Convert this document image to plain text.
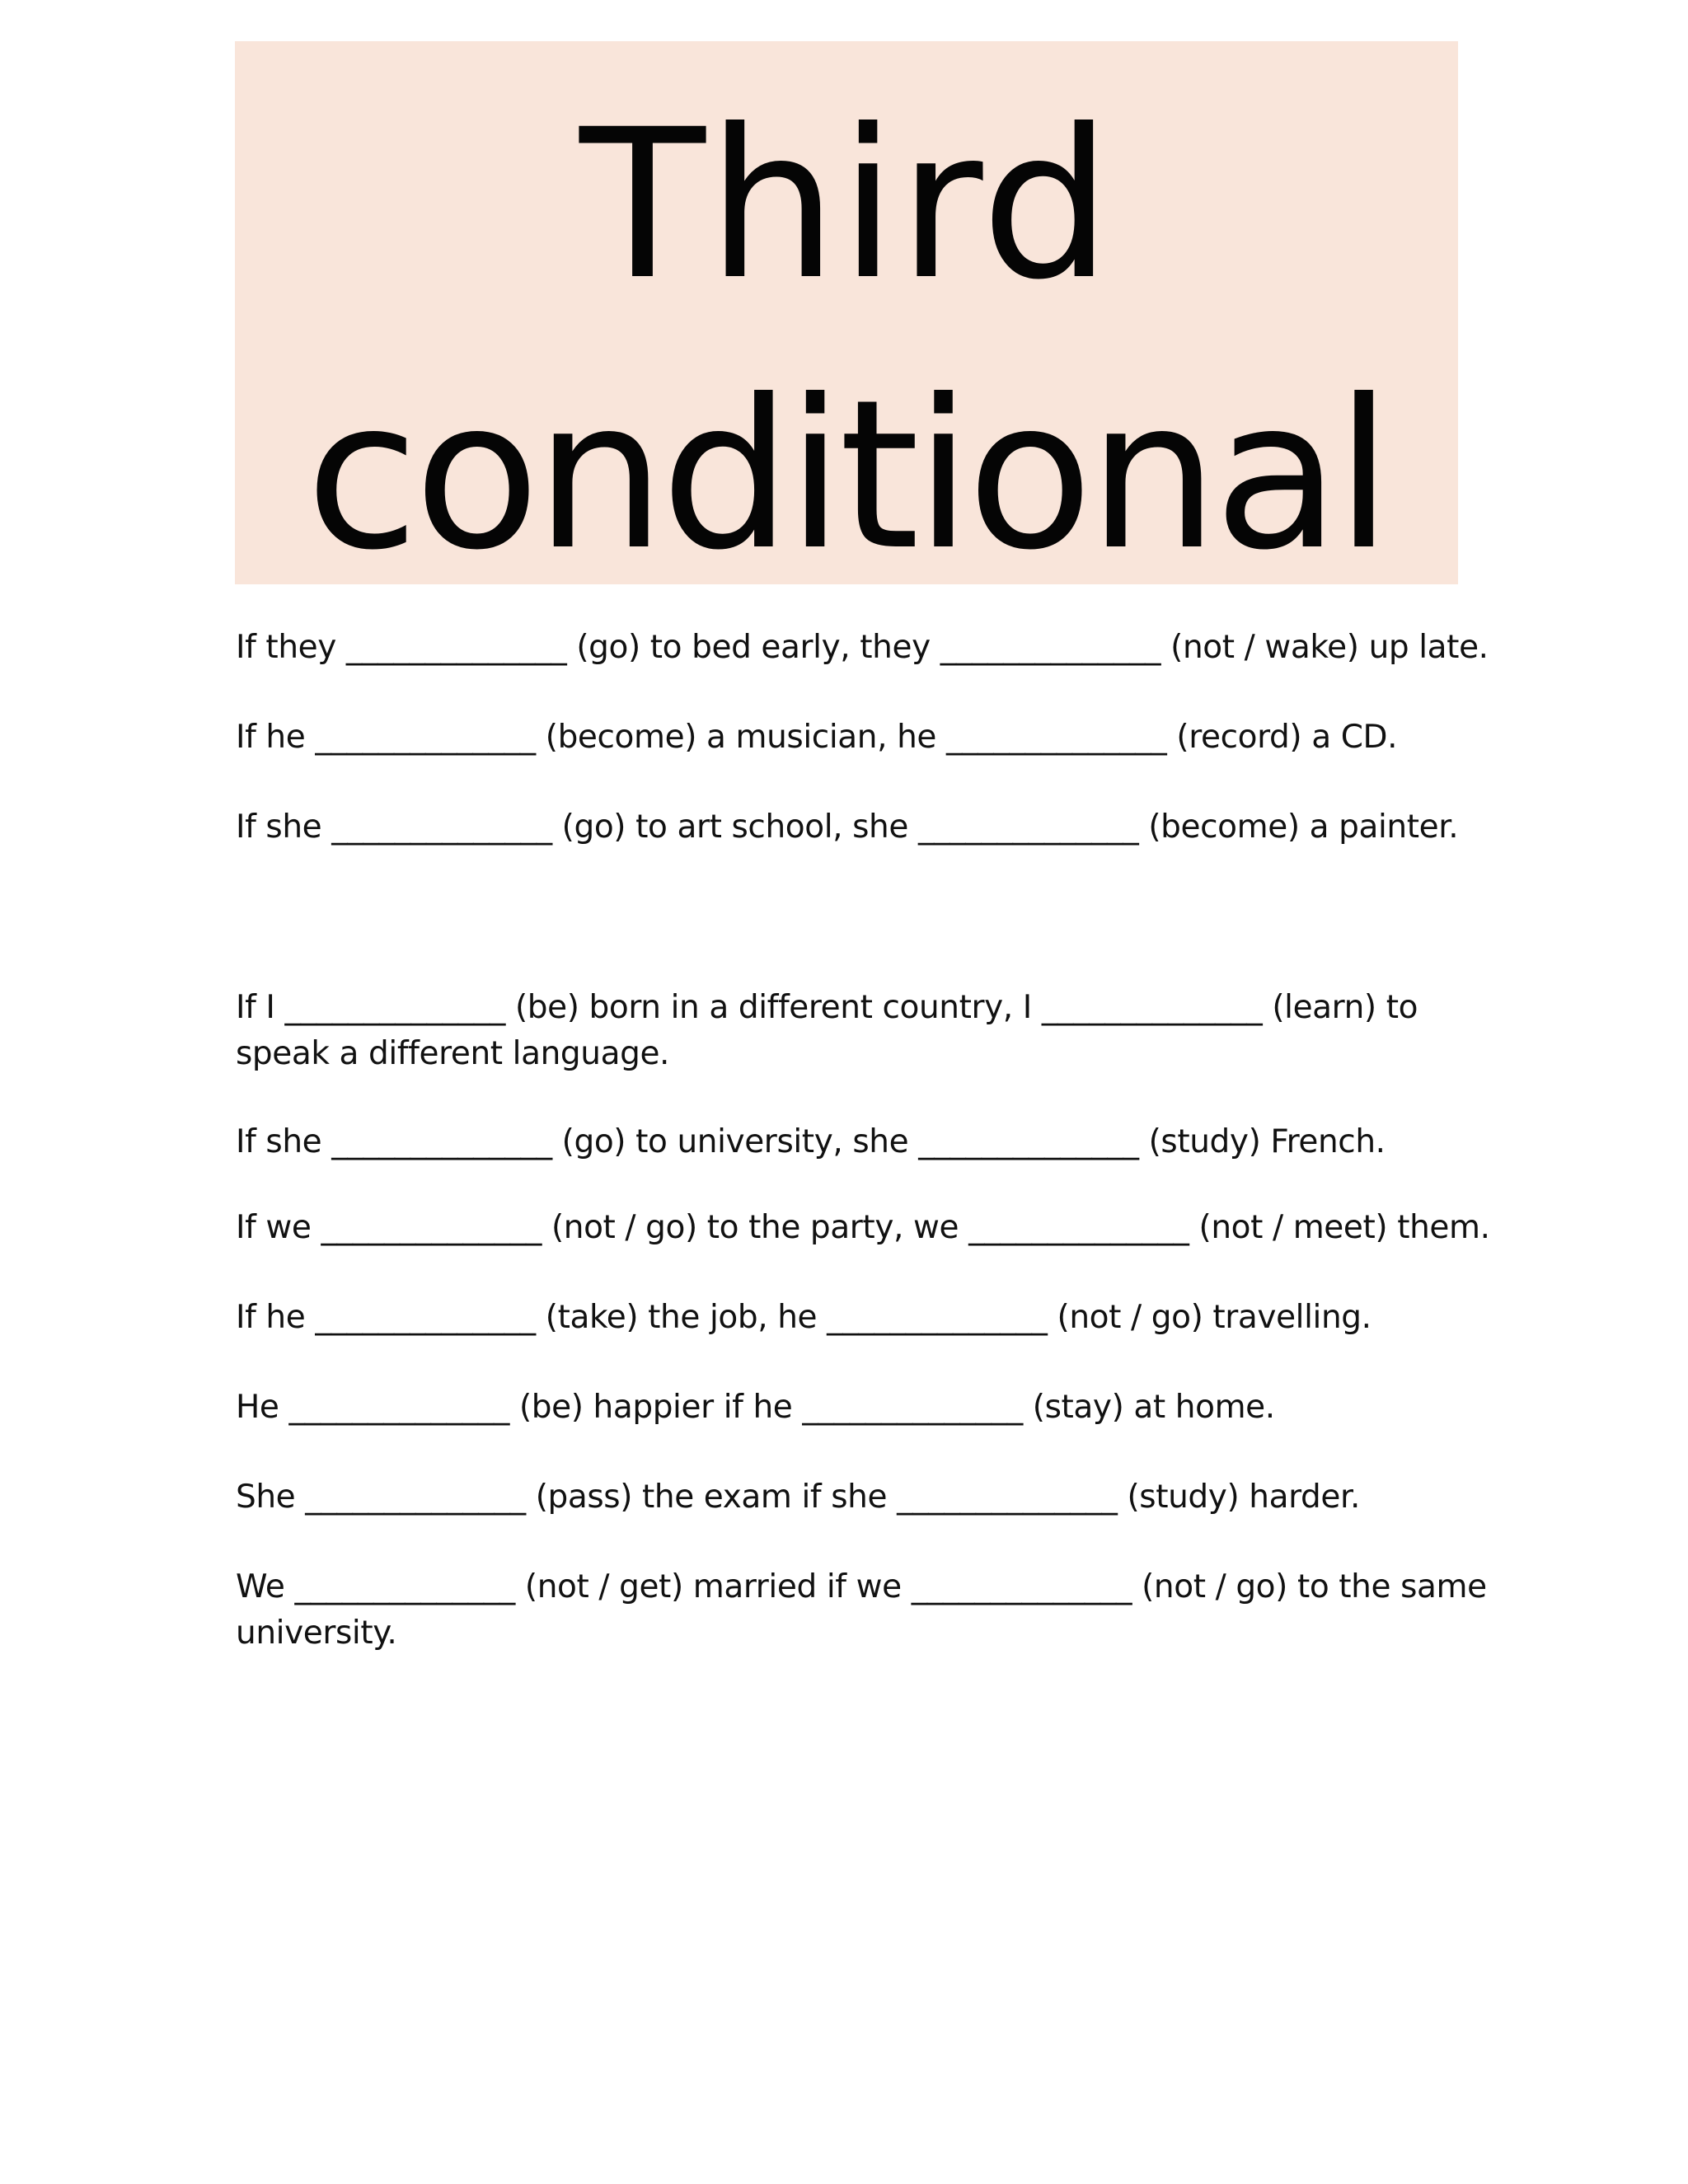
Third
conditional
If they ______________ (go) to bed early, they ______________ (not / wake) up late.
If he ______________ (become) a musician, he ______________ (record) a CD.
If she ______________ (go) to art school, she ______________ (become) a painter.
If I ______________ (be) born in a different country, I ______________ (learn) to
speak a different language.
If she ______________ (go) to university, she ______________ (study) French.
If we ______________ (not / go) to the party, we ______________ (not / meet) them.
If he ______________ (take) the job, he ______________ (not / go) travelling.
He ______________ (be) happier if he ______________ (stay) at home.
She ______________ (pass) the exam if she ______________ (study) harder.
We ______________ (not / get) married if we ______________ (not / go) to the same
university.
